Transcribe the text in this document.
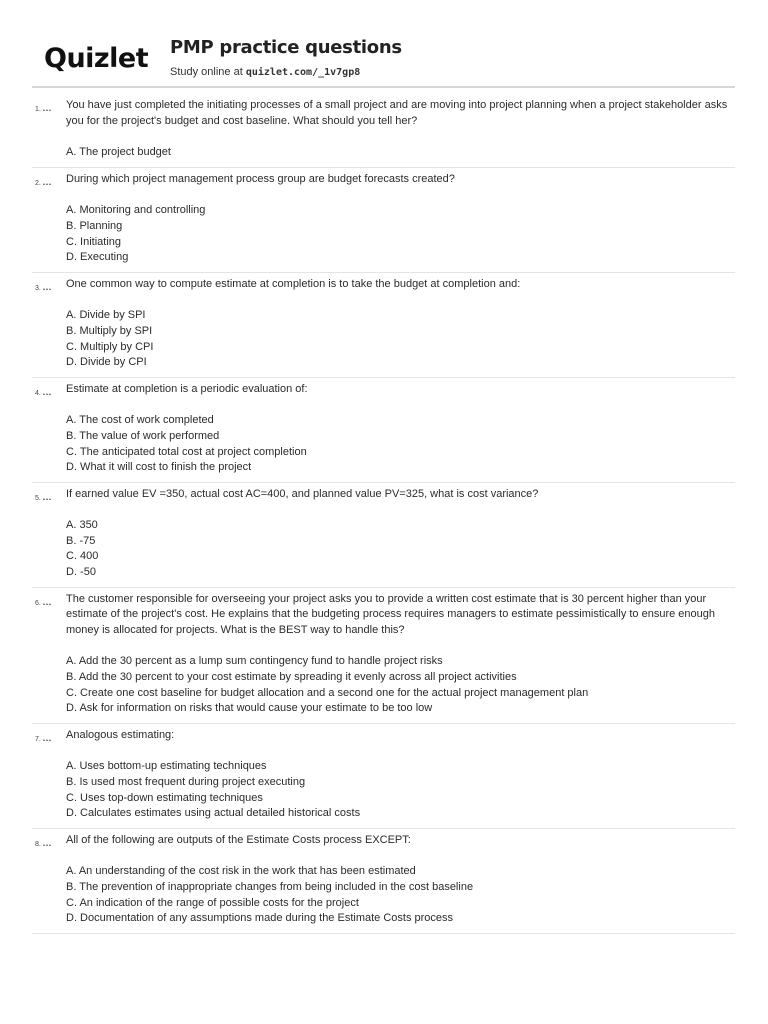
Quizlet PMP practice questions
Study online at quizlet.com/_1v7gp8
1. ... You have just completed the initiating processes of a small project and are moving into project planning when a project stakeholder asks you for the project's budget and cost baseline. What should you tell her?
A. The project budget
2. ... During which project management process group are budget forecasts created?
A. Monitoring and controlling
B. Planning
C. Initiating
D. Executing
3. ... One common way to compute estimate at completion is to take the budget at completion and:
A. Divide by SPI
B. Multiply by SPI
C. Multiply by CPI
D. Divide by CPI
4. ... Estimate at completion is a periodic evaluation of:
A. The cost of work completed
B. The value of work performed
C. The anticipated total cost at project completion
D. What it will cost to finish the project
5. ... If earned value EV =350, actual cost AC=400, and planned value PV=325, what is cost variance?
A. 350
B. -75
C. 400
D. -50
6. ... The customer responsible for overseeing your project asks you to provide a written cost estimate that is 30 percent higher than your estimate of the project's cost. He explains that the budgeting process requires managers to estimate pessimistically to ensure enough money is allocated for projects. What is the BEST way to handle this?
A. Add the 30 percent as a lump sum contingency fund to handle project risks
B. Add the 30 percent to your cost estimate by spreading it evenly across all project activities
C. Create one cost baseline for budget allocation and a second one for the actual project management plan
D. Ask for information on risks that would cause your estimate to be too low
7. ... Analogous estimating:
A. Uses bottom-up estimating techniques
B. Is used most frequent during project executing
C. Uses top-down estimating techniques
D. Calculates estimates using actual detailed historical costs
8. ... All of the following are outputs of the Estimate Costs process EXCEPT:
A. An understanding of the cost risk in the work that has been estimated
B. The prevention of inappropriate changes from being included in the cost baseline
C. An indication of the range of possible costs for the project
D. Documentation of any assumptions made during the Estimate Costs process
